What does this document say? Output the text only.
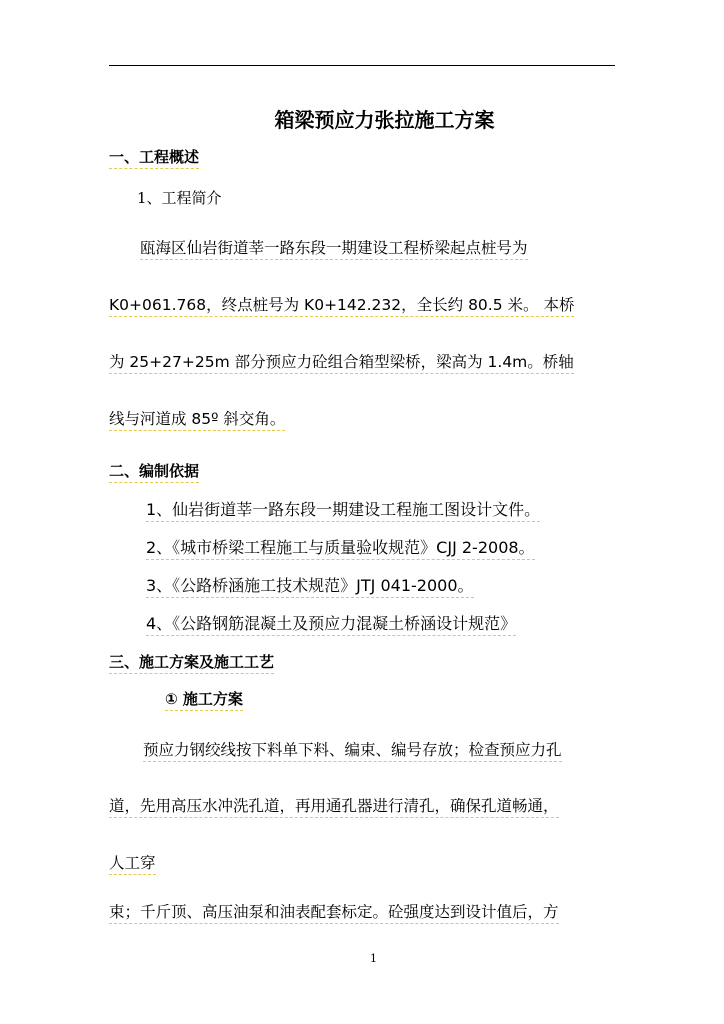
箱梁预应力张拉施工方案
一、工程概述
1、工程简介
瓯海区仙岩街道莘一路东段一期建设工程桥梁起点桩号为
K0+061.768，终点桩号为 K0+142.232，全长约 80.5 米。 本桥
为 25+27+25m 部分预应力砼组合箱型梁桥，梁高为 1.4m。桥轴
线与河道成 85º 斜交角。
二、编制依据
1、仙岩街道莘一路东段一期建设工程施工图设计文件。
2、《城市桥梁工程施工与质量验收规范》CJJ 2-2008。
3、《公路桥涵施工技术规范》JTJ 041-2000。
4、《公路钢筋混凝土及预应力混凝土桥涵设计规范》
三、施工方案及施工工艺
① 施工方案
预应力钢绞线按下料单下料、编束、编号存放；检查预应力孔
道，先用高压水冲洗孔道，再用通孔器进行清孔，确保孔道畅通，
人工穿
束；千斤顶、高压油泵和油表配套标定。砼强度达到设计值后，方
1
